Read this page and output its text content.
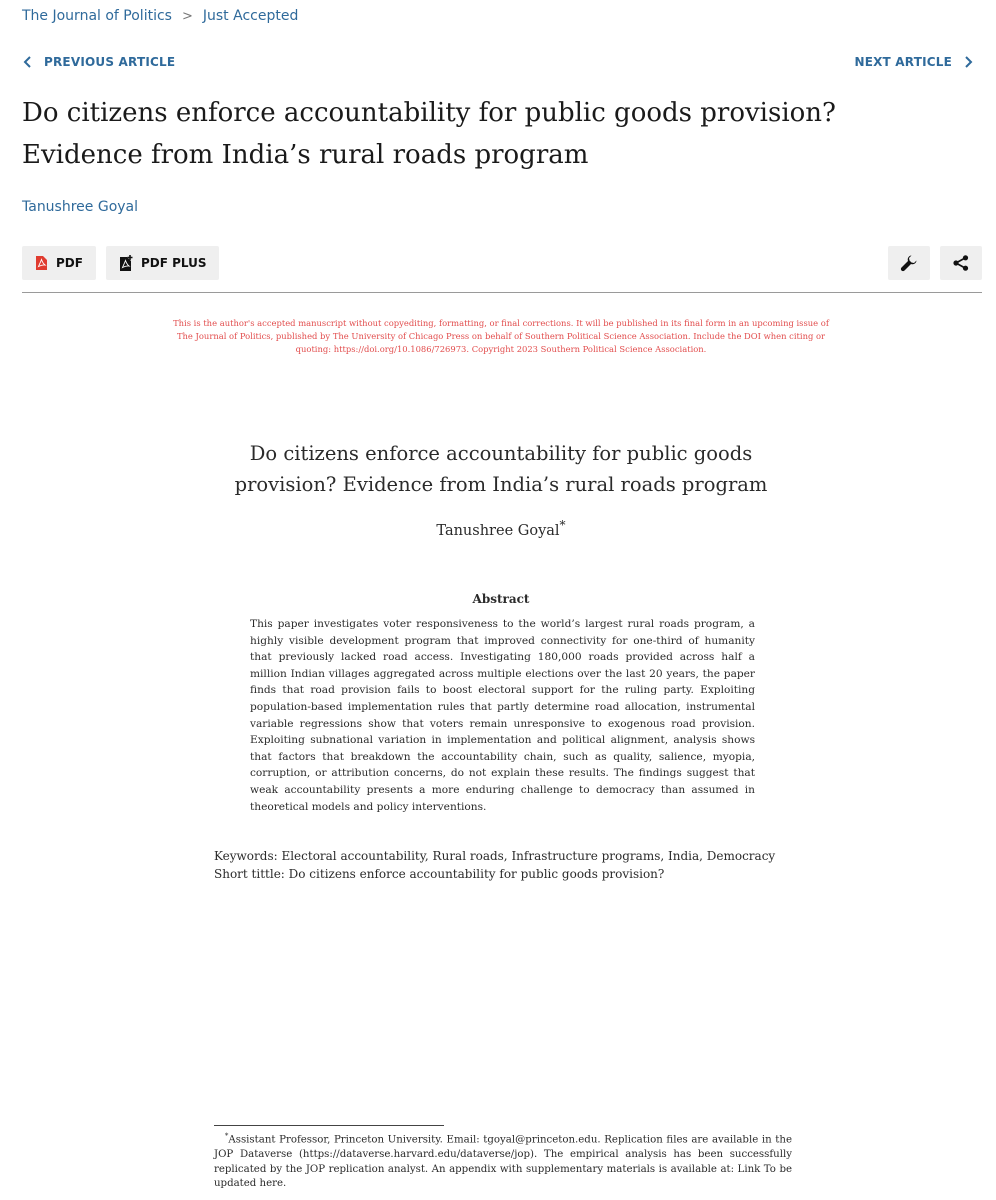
The Journal of Politics > Just Accepted
PREVIOUS ARTICLE	NEXT ARTICLE
Do citizens enforce accountability for public goods provision? Evidence from India’s rural roads program
Tanushree Goyal
PDF	PDF PLUS

This is the author's accepted manuscript without copyediting, formatting, or final corrections. It will be published in its final form in an upcoming issue of The Journal of Politics, published by The University of Chicago Press on behalf of Southern Political Science Association. Include the DOI when citing or quoting: https://doi.org/10.1086/726973. Copyright 2023 Southern Political Science Association.

Do citizens enforce accountability for public goods provision? Evidence from India’s rural roads program
Tanushree Goyal*
Abstract

This paper investigates voter responsiveness to the world’s largest rural roads program, a highly visible development program that improved connectivity for one-third of humanity that previously lacked road access. Investigating 180,000 roads provided across half a million Indian villages aggregated across multiple elections over the last 20 years, the paper finds that road provision fails to boost electoral support for the ruling party. Exploiting population-based implementation rules that partly determine road allocation, instrumental variable regressions show that voters remain unresponsive to exogenous road provision. Exploiting subnational variation in implementation and political alignment, analysis shows that factors that breakdown the accountability chain, such as quality, salience, myopia, corruption, or attribution concerns, do not explain these results. The findings suggest that weak accountability presents a more enduring challenge to democracy than assumed in theoretical models and policy interventions.

Keywords: Electoral accountability, Rural roads, Infrastructure programs, India, Democracy
Short tittle: Do citizens enforce accountability for public goods provision?

*Assistant Professor, Princeton University. Email: tgoyal@princeton.edu. Replication files are available in the JOP Dataverse (https://dataverse.harvard.edu/dataverse/jop). The empirical analysis has been successfully replicated by the JOP replication analyst. An appendix with supplementary materials is available at: Link To be updated here.
